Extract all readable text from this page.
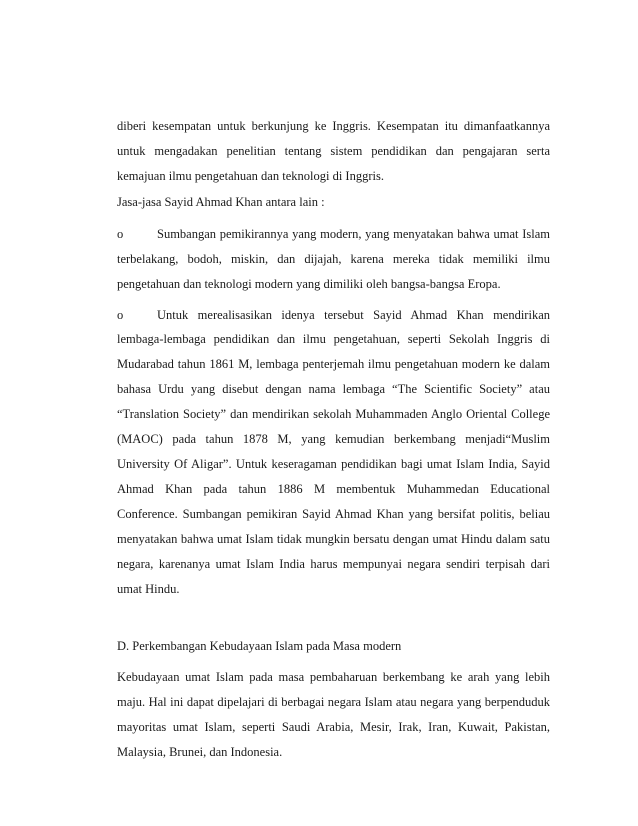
diberi kesempatan untuk berkunjung ke Inggris. Kesempatan itu dimanfaatkannya
untuk mengadakan penelitian tentang sistem pendidikan dan pengajaran serta
kemajuan ilmu pengetahuan dan teknologi di Inggris.
Jasa-jasa Sayid Ahmad Khan antara lain :
o	Sumbangan pemikirannya yang modern, yang menyatakan bahwa umat Islam
terbelakang, bodoh, miskin, dan dijajah, karena mereka tidak memiliki ilmu
pengetahuan dan teknologi modern yang dimiliki oleh bangsa-bangsa Eropa.
o	Untuk merealisasikan idenya tersebut Sayid Ahmad Khan mendirikan
lembaga-lembaga pendidikan dan ilmu pengetahuan, seperti Sekolah Inggris di
Mudarabad tahun 1861 M, lembaga penterjemah ilmu pengetahuan modern ke dalam
bahasa Urdu yang disebut dengan nama lembaga “The Scientific Society” atau
“Translation Society” dan mendirikan sekolah Muhammaden Anglo Oriental College
(MAOC) pada tahun 1878 M, yang kemudian berkembang menjadi“Muslim
University Of Aligar”. Untuk keseragaman pendidikan bagi umat Islam India, Sayid
Ahmad Khan pada tahun 1886 M membentuk Muhammedan Educational
Conference. Sumbangan pemikiran Sayid Ahmad Khan yang bersifat politis, beliau
menyatakan bahwa umat Islam tidak mungkin bersatu dengan umat Hindu dalam satu
negara, karenanya umat Islam India harus mempunyai negara sendiri terpisah dari
umat Hindu.
D. Perkembangan Kebudayaan Islam pada Masa modern
Kebudayaan umat Islam pada masa pembaharuan berkembang ke arah yang lebih
maju. Hal ini dapat dipelajari di berbagai negara Islam atau negara yang berpenduduk
mayoritas umat Islam, seperti Saudi Arabia, Mesir, Irak, Iran, Kuwait, Pakistan,
Malaysia, Brunei, dan Indonesia.
